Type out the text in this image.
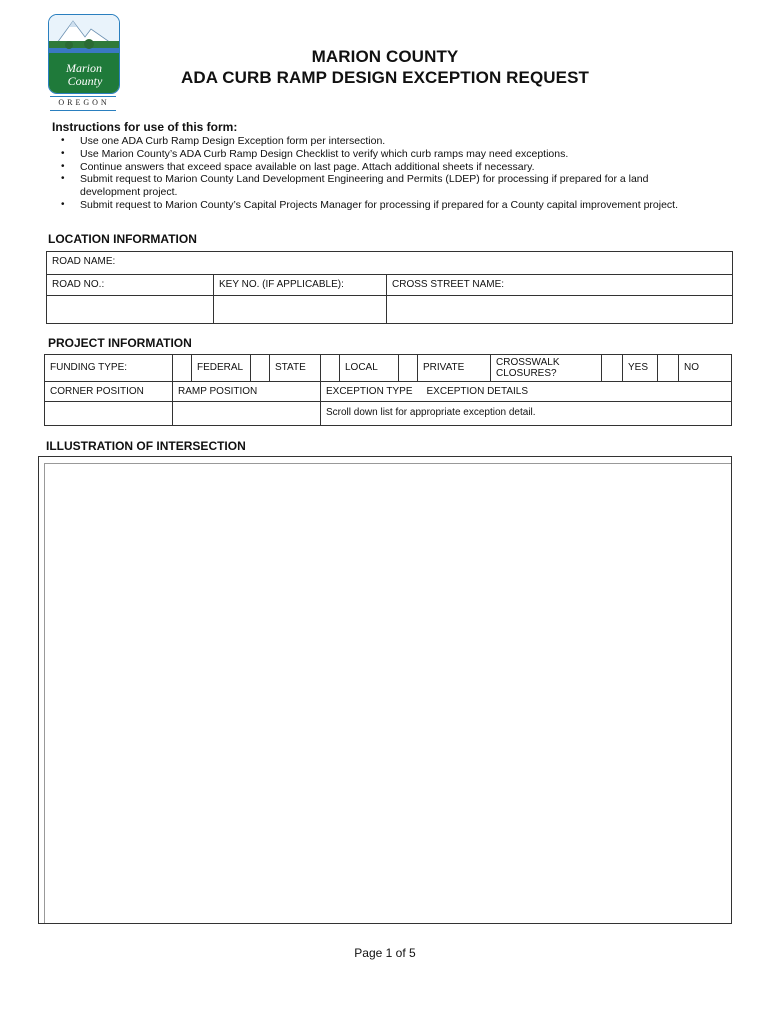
Marion
County
OREGON
MARION COUNTY
ADA CURB RAMP DESIGN EXCEPTION REQUEST
Instructions for use of this form:
• Use one ADA Curb Ramp Design Exception form per intersection.
• Use Marion County’s ADA Curb Ramp Design Checklist to verify which curb ramps may need exceptions.
• Continue answers that exceed space available on last page. Attach additional sheets if necessary.
• Submit request to Marion County Land Development Engineering and Permits (LDEP) for processing if prepared for a land development project.
• Submit request to Marion County’s Capital Projects Manager for processing if prepared for a County capital improvement project.
LOCATION INFORMATION
ROAD NAME:		

ROAD NO.:	KEY NO. (IF APPLICABLE):	CROSS STREET NAME:

PROJECT INFORMATION
FUNDING TYPE:		FEDERAL		STATE		LOCAL		PRIVATE	CROSSWALK
CLOSURES?		YES		NO

CORNER POSITION	RAMP POSITION				EXCEPTION TYPE EXCEPTION DETAILS								

					Scroll down list for appropriate exception detail.								
ILLUSTRATION OF INTERSECTION
Page 1 of 5
